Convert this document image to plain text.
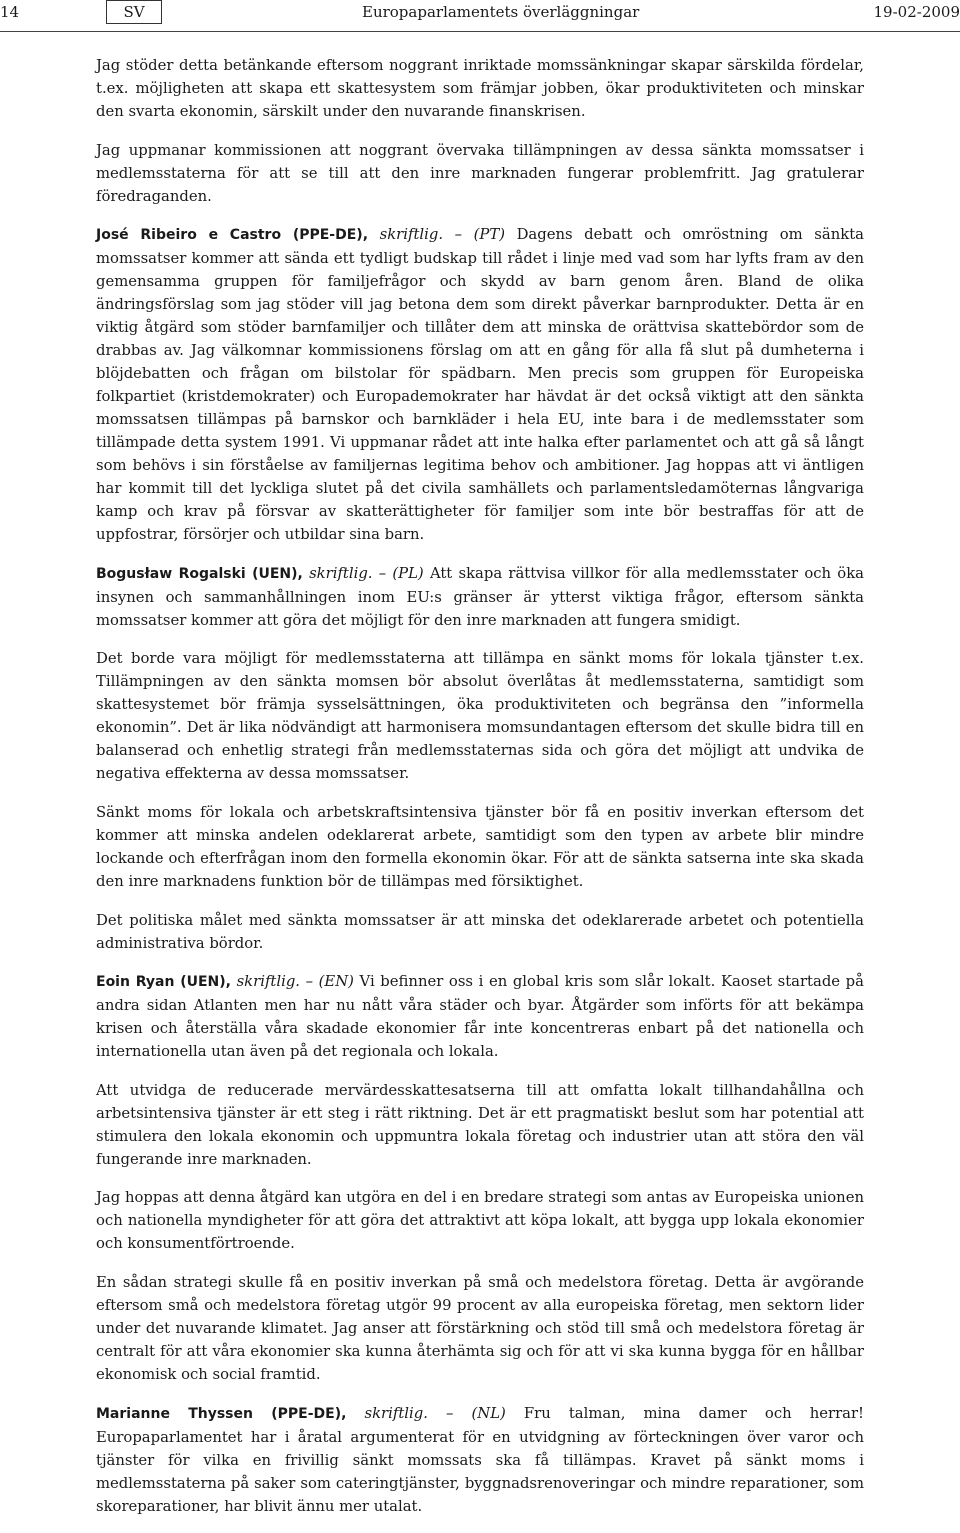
14	SV	Europaparlamentets överläggningar	19-02-2009

Jag stöder detta betänkande eftersom noggrant inriktade momssänkningar skapar särskilda fördelar, t.ex. möjligheten att skapa ett skattesystem som främjar jobben, ökar produktiviteten och minskar den svarta ekonomin, särskilt under den nuvarande finanskrisen.

Jag uppmanar kommissionen att noggrant övervaka tillämpningen av dessa sänkta momssatser i medlemsstaterna för att se till att den inre marknaden fungerar problemfritt. Jag gratulerar föredraganden.

José Ribeiro e Castro (PPE-DE), skriftlig. – (PT) Dagens debatt och omröstning om sänkta momssatser kommer att sända ett tydligt budskap till rådet i linje med vad som har lyfts fram av den gemensamma gruppen för familjefrågor och skydd av barn genom åren. Bland de olika ändringsförslag som jag stöder vill jag betona dem som direkt påverkar barnprodukter. Detta är en viktig åtgärd som stöder barnfamiljer och tillåter dem att minska de orättvisa skattebördor som de drabbas av. Jag välkomnar kommissionens förslag om att en gång för alla få slut på dumheterna i blöjdebatten och frågan om bilstolar för spädbarn. Men precis som gruppen för Europeiska folkpartiet (kristdemokrater) och Europademokrater har hävdat är det också viktigt att den sänkta momssatsen tillämpas på barnskor och barnkläder i hela EU, inte bara i de medlemsstater som tillämpade detta system 1991. Vi uppmanar rådet att inte halka efter parlamentet och att gå så långt som behövs i sin förståelse av familjernas legitima behov och ambitioner. Jag hoppas att vi äntligen har kommit till det lyckliga slutet på det civila samhällets och parlamentsledamöternas långvariga kamp och krav på försvar av skatterättigheter för familjer som inte bör bestraffas för att de uppfostrar, försörjer och utbildar sina barn.

Bogusław Rogalski (UEN), skriftlig. – (PL) Att skapa rättvisa villkor för alla medlemsstater och öka insynen och sammanhållningen inom EU:s gränser är ytterst viktiga frågor, eftersom sänkta momssatser kommer att göra det möjligt för den inre marknaden att fungera smidigt.

Det borde vara möjligt för medlemsstaterna att tillämpa en sänkt moms för lokala tjänster t.ex. Tillämpningen av den sänkta momsen bör absolut överlåtas åt medlemsstaterna, samtidigt som skattesystemet bör främja sysselsättningen, öka produktiviteten och begränsa den ”informella ekonomin”. Det är lika nödvändigt att harmonisera momsundantagen eftersom det skulle bidra till en balanserad och enhetlig strategi från medlemsstaternas sida och göra det möjligt att undvika de negativa effekterna av dessa momssatser.

Sänkt moms för lokala och arbetskraftsintensiva tjänster bör få en positiv inverkan eftersom det kommer att minska andelen odeklarerat arbete, samtidigt som den typen av arbete blir mindre lockande och efterfrågan inom den formella ekonomin ökar. För att de sänkta satserna inte ska skada den inre marknadens funktion bör de tillämpas med försiktighet.

Det politiska målet med sänkta momssatser är att minska det odeklarerade arbetet och potentiella administrativa bördor.

Eoin Ryan (UEN), skriftlig. – (EN) Vi befinner oss i en global kris som slår lokalt. Kaoset startade på andra sidan Atlanten men har nu nått våra städer och byar. Åtgärder som införts för att bekämpa krisen och återställa våra skadade ekonomier får inte koncentreras enbart på det nationella och internationella utan även på det regionala och lokala.

Att utvidga de reducerade mervärdesskattesatserna till att omfatta lokalt tillhandahållna och arbetsintensiva tjänster är ett steg i rätt riktning. Det är ett pragmatiskt beslut som har potential att stimulera den lokala ekonomin och uppmuntra lokala företag och industrier utan att störa den väl fungerande inre marknaden.

Jag hoppas att denna åtgärd kan utgöra en del i en bredare strategi som antas av Europeiska unionen och nationella myndigheter för att göra det attraktivt att köpa lokalt, att bygga upp lokala ekonomier och konsumentförtroende.

En sådan strategi skulle få en positiv inverkan på små och medelstora företag. Detta är avgörande eftersom små och medelstora företag utgör 99 procent av alla europeiska företag, men sektorn lider under det nuvarande klimatet. Jag anser att förstärkning och stöd till små och medelstora företag är centralt för att våra ekonomier ska kunna återhämta sig och för att vi ska kunna bygga för en hållbar ekonomisk och social framtid.

Marianne Thyssen (PPE-DE), skriftlig. – (NL) Fru talman, mina damer och herrar! Europaparlamentet har i åratal argumenterat för en utvidgning av förteckningen över varor och tjänster för vilka en frivillig sänkt momssats ska få tillämpas. Kravet på sänkt moms i medlemsstaterna på saker som cateringtjänster, byggnadsrenoveringar och mindre reparationer, som skoreparationer, har blivit ännu mer utalat.
